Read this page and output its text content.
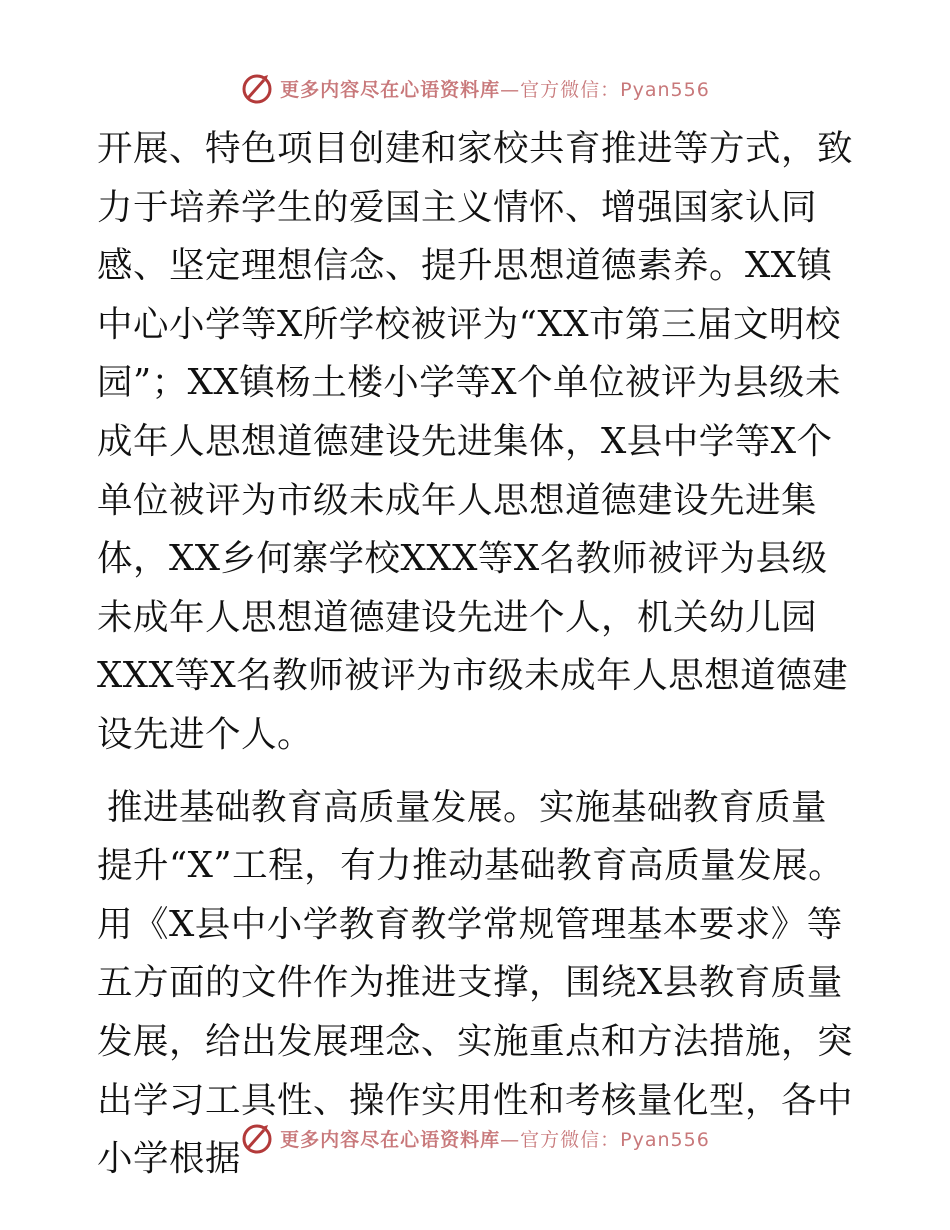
更多内容尽在心语资料库—官方微信：Pyan556

开展、特色项目创建和家校共育推进等方式，致力于培养学生的爱国主义情怀、增强国家认同感、坚定理想信念、提升思想道德素养。XX镇中心小学等X所学校被评为“XX市第三届文明校园”；XX镇杨土楼小学等X个单位被评为县级未成年人思想道德建设先进集体，X县中学等X个单位被评为市级未成年人思想道德建设先进集体，XX乡何寨学校XXX等X名教师被评为县级未成年人思想道德建设先进个人，机关幼儿园XXX等X名教师被评为市级未成年人思想道德建设先进个人。

推进基础教育高质量发展。实施基础教育质量提升“X”工程，有力推动基础教育高质量发展。用《X县中小学教育教学常规管理基本要求》等五方面的文件作为推进支撑，围绕X县教育质量发展，给出发展理念、实施重点和方法措施，突出学习工具性、操作实用性和考核量化型，各中小学根据	更多内容尽在心语资料库—官方微信：Pyan556
